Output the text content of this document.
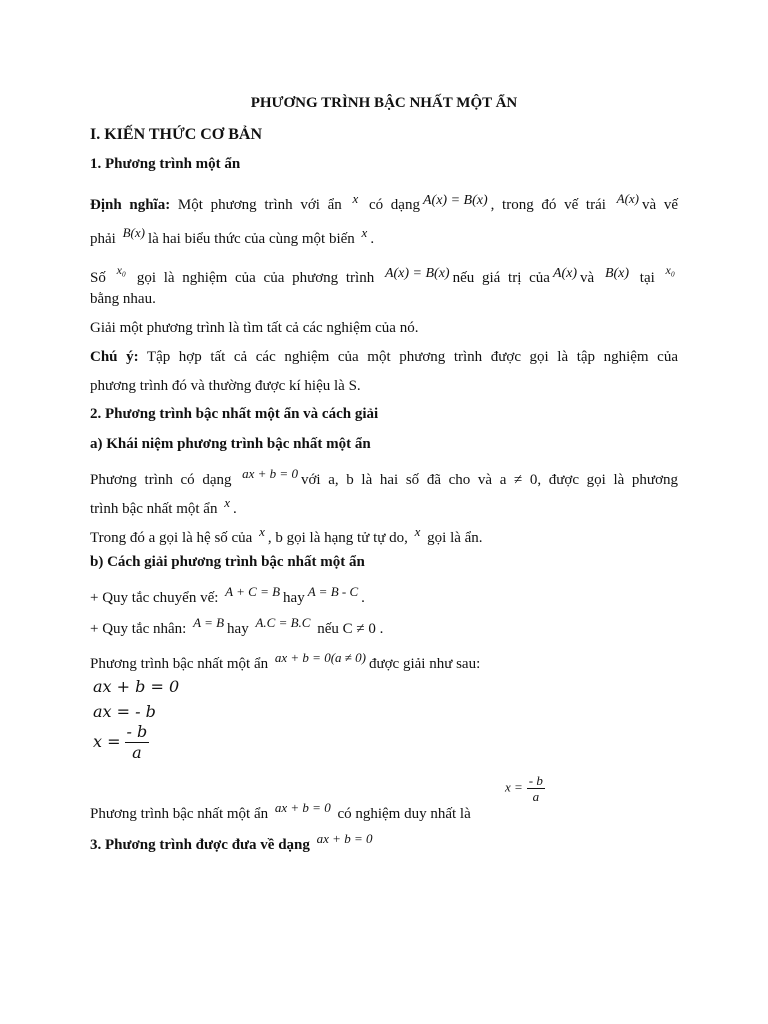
PHƯƠNG TRÌNH BẬC NHẤT MỘT ẨN

I. KIẾN THỨC CƠ BẢN

1. Phương trình một ẩn

Định nghĩa: Một phương trình với ẩn x có dạng A(x) = B(x) , trong đó vế trái A(x) và vế

phải B(x) là hai biểu thức của cùng một biến x .

Số x₀ gọi là nghiệm của của phương trình A(x) = B(x) nếu giá trị của A(x) và B(x) tại x₀

bằng nhau.

Giải một phương trình là tìm tất cả các nghiệm của nó.

Chú ý: Tập hợp tất cả các nghiệm của một phương trình được gọi là tập nghiệm của

phương trình đó và thường được kí hiệu là S.

2. Phương trình bậc nhất một ẩn và cách giải

a) Khái niệm phương trình bậc nhất một ẩn

Phương trình có dạng ax + b = 0 với a, b là hai số đã cho và a ≠ 0, được gọi là phương

trình bậc nhất một ẩn x .

Trong đó a gọi là hệ số của x , b gọi là hạng tử tự do, x gọi là ẩn.

b) Cách giải phương trình bậc nhất một ẩn

+ Quy tắc chuyển vế: A + C = B hay A = B - C .

+ Quy tắc nhân: A = B hay A.C = B.C nếu C ≠ 0 .

Phương trình bậc nhất một ẩn ax + b = 0(a ≠ 0) được giải như sau:

ax + b = 0
ax = - b
$x = \frac{- b}{a}$
$x = \frac{- b}{a}$

Phương trình bậc nhất một ẩn ax + b = 0 có nghiệm duy nhất là

3. Phương trình được đưa về dạng ax + b = 0
